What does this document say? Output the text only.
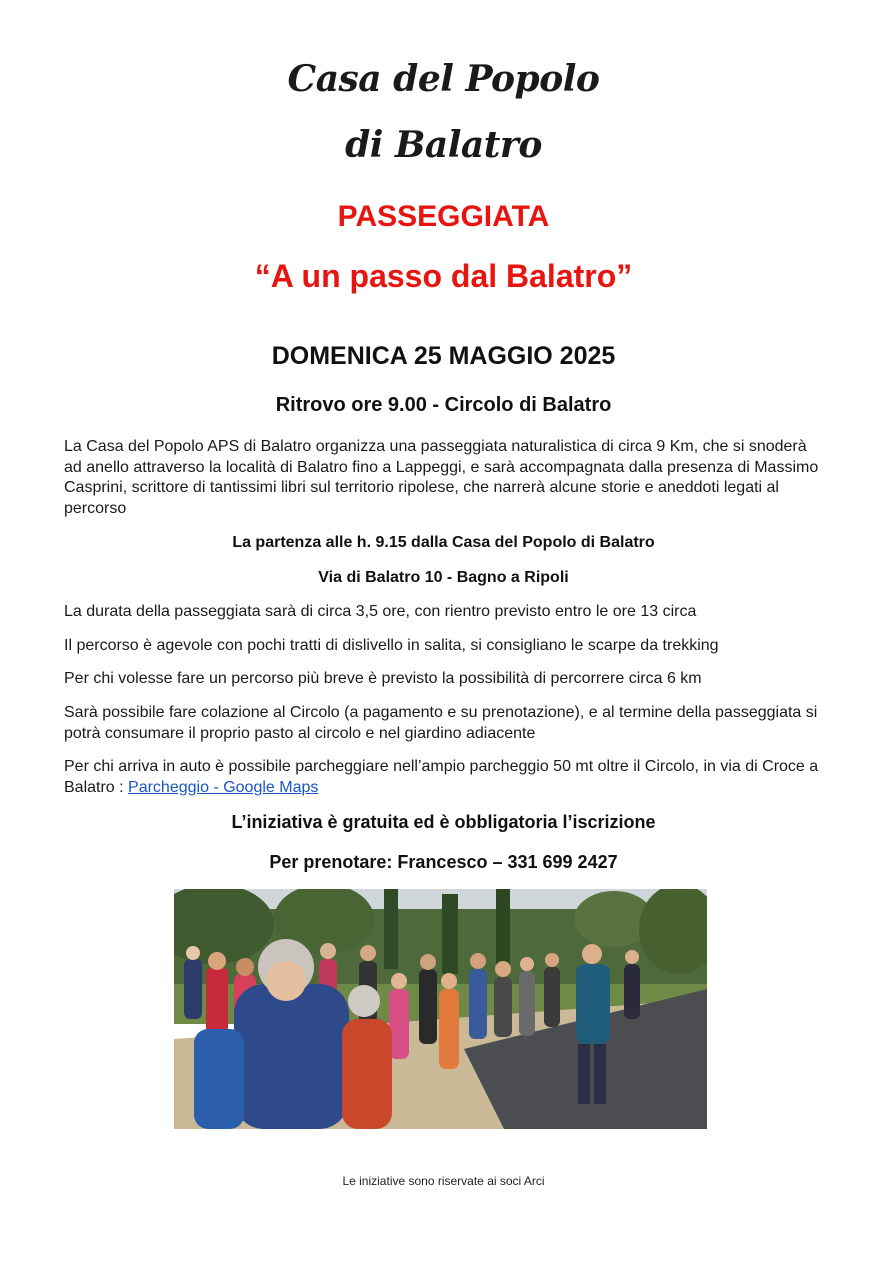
Casa del Popolo
di Balatro
PASSEGGIATA
“A un passo dal Balatro”
DOMENICA 25 MAGGIO 2025
Ritrovo ore 9.00 - Circolo di Balatro
La Casa del Popolo APS di Balatro organizza una passeggiata naturalistica di circa 9 Km, che si snoderà ad anello attraverso la località di Balatro fino a Lappeggi, e sarà accompagnata dalla presenza di Massimo Casprini, scrittore di tantissimi libri sul territorio ripolese, che narrerà alcune storie e aneddoti legati al percorso
La partenza alle h. 9.15 dalla Casa del Popolo di Balatro
Via di Balatro 10 - Bagno a Ripoli
La durata della passeggiata sarà di circa 3,5 ore, con rientro previsto entro le ore 13 circa
Il percorso è agevole con pochi tratti di dislivello in salita, si consigliano le scarpe da trekking
Per chi volesse fare un percorso più breve è previsto la possibilità di percorrere circa 6 km
Sarà possibile fare colazione al Circolo (a pagamento e su prenotazione), e al termine della passeggiata si potrà consumare il proprio pasto al circolo e nel giardino adiacente
Per chi arriva in auto è possibile parcheggiare nell’ampio parcheggio 50 mt oltre il Circolo, in via di Croce a Balatro : Parcheggio - Google Maps
L’iniziativa è gratuita ed è obbligatoria l’iscrizione
Per prenotare: Francesco – 331 699 2427
Le iniziative sono riservate ai soci Arci
